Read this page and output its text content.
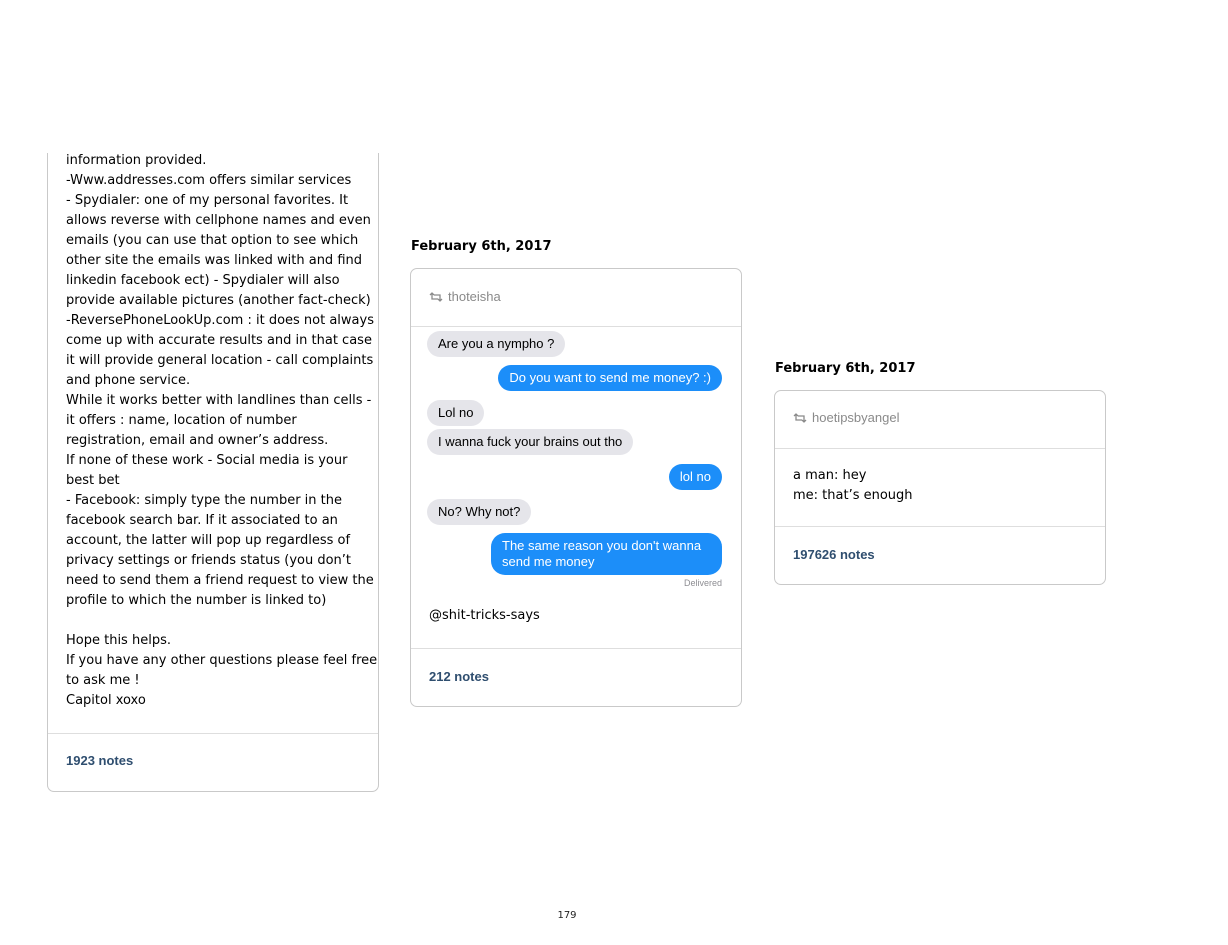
information provided.
-Www.addresses.com offers similar services
- Spydialer: one of my personal favorites. It
allows reverse with cellphone names and even
emails (you can use that option to see which
other site the emails was linked with and find
linkedin facebook ect) - Spydialer will also
provide available pictures (another fact-check)
-ReversePhoneLookUp.com : it does not always
come up with accurate results and in that case
it will provide general location - call complaints
and phone service.
While it works better with landlines than cells -
it offers : name, location of number
registration, email and owner’s address.
If none of these work - Social media is your
best bet
- Facebook: simply type the number in the
facebook search bar. If it associated to an
account, the latter will pop up regardless of
privacy settings or friends status (you don’t
need to send them a friend request to view the
profile to which the number is linked to)
Hope this helps.
If you have any other questions please feel free
to ask me !
Capitol xoxo
1923 notes
February 6th, 2017
thoteisha
Are you a nympho ?
Do you want to send me money? :)
Lol no
I wanna fuck your brains out tho
lol no
No? Why not?
The same reason you don't wanna send me money
Delivered
@shit-tricks-says
212 notes
February 6th, 2017
hoetipsbyangel
a man: hey
me: that’s enough
197626 notes
179
